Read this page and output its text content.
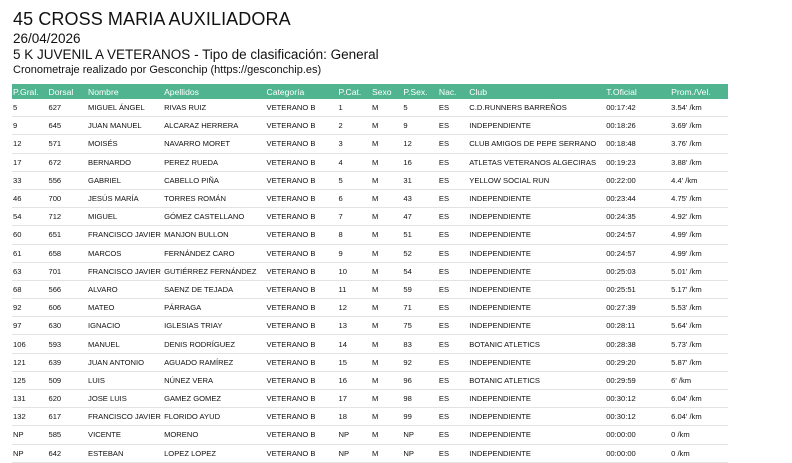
45 CROSS MARIA AUXILIADORA
26/04/2026
5 K JUVENIL A VETERANOS - Tipo de clasificación: General
Cronometraje realizado por Gesconchip (https://gesconchip.es)
P.Gral.	Dorsal	Nombre	Apellidos	Categoría	P.Cat.	Sexo	P.Sex.	Nac.	Club	T.Oficial	Prom./Vel.
5	627	MIGUEL ÁNGEL	RIVAS RUIZ	VETERANO B	1	M	5	ES	C.D.RUNNERS BARREÑOS	00:17:42	3.54' /km
9	645	JUAN MANUEL	ALCARAZ HERRERA	VETERANO B	2	M	9	ES	INDEPENDIENTE	00:18:26	3.69' /km
12	571	MOISÉS	NAVARRO MORET	VETERANO B	3	M	12	ES	CLUB AMIGOS DE PEPE SERRANO	00:18:48	3.76' /km
17	672	BERNARDO	PEREZ RUEDA	VETERANO B	4	M	16	ES	ATLETAS VETERANOS ALGECIRAS	00:19:23	3.88' /km
33	556	GABRIEL	CABELLO PIÑA	VETERANO B	5	M	31	ES	YELLOW SOCIAL RUN	00:22:00	4.4' /km
46	700	JESÚS MARÍA	TORRES ROMÁN	VETERANO B	6	M	43	ES	INDEPENDIENTE	00:23:44	4.75' /km
54	712	MIGUEL	GÓMEZ CASTELLANO	VETERANO B	7	M	47	ES	INDEPENDIENTE	00:24:35	4.92' /km
60	651	FRANCISCO JAVIER	MANJON BULLON	VETERANO B	8	M	51	ES	INDEPENDIENTE	00:24:57	4.99' /km
61	658	MARCOS	FERNÁNDEZ CARO	VETERANO B	9	M	52	ES	INDEPENDIENTE	00:24:57	4.99' /km
63	701	FRANCISCO JAVIER	GUTIÉRREZ FERNÁNDEZ	VETERANO B	10	M	54	ES	INDEPENDIENTE	00:25:03	5.01' /km
68	566	ALVARO	SAENZ DE TEJADA	VETERANO B	11	M	59	ES	INDEPENDIENTE	00:25:51	5.17' /km
92	606	MATEO	PÁRRAGA	VETERANO B	12	M	71	ES	INDEPENDIENTE	00:27:39	5.53' /km
97	630	IGNACIO	IGLESIAS TRIAY	VETERANO B	13	M	75	ES	INDEPENDIENTE	00:28:11	5.64' /km
106	593	MANUEL	DENIS RODRÍGUEZ	VETERANO B	14	M	83	ES	BOTANIC ATLETICS	00:28:38	5.73' /km
121	639	JUAN ANTONIO	AGUADO RAMÍREZ	VETERANO B	15	M	92	ES	INDEPENDIENTE	00:29:20	5.87' /km
125	509	LUIS	NÚNEZ VERA	VETERANO B	16	M	96	ES	BOTANIC ATLETICS	00:29:59	6' /km
131	620	JOSE LUIS	GAMEZ GOMEZ	VETERANO B	17	M	98	ES	INDEPENDIENTE	00:30:12	6.04' /km
132	617	FRANCISCO JAVIER	FLORIDO AYUD	VETERANO B	18	M	99	ES	INDEPENDIENTE	00:30:12	6.04' /km
NP	585	VICENTE	MORENO	VETERANO B	NP	M	NP	ES	INDEPENDIENTE	00:00:00	0 /km
NP	642	ESTEBAN	LOPEZ LOPEZ	VETERANO B	NP	M	NP	ES	INDEPENDIENTE	00:00:00	0 /km
